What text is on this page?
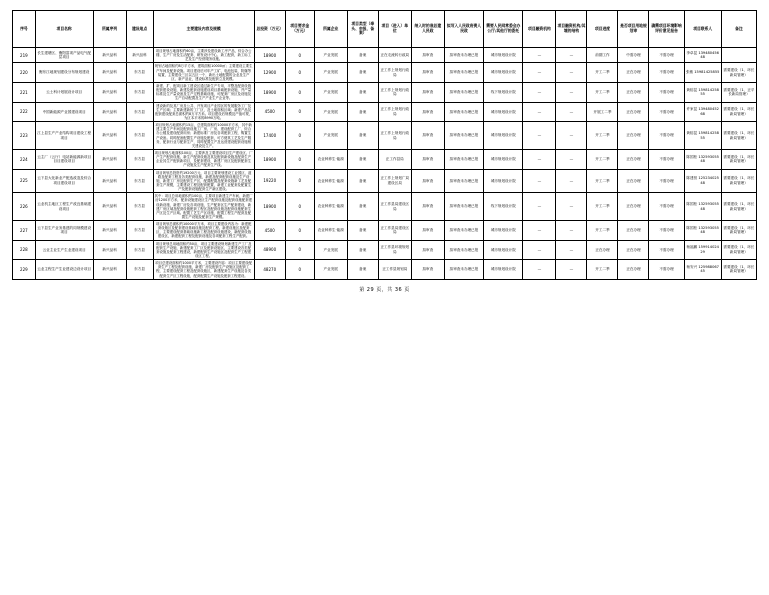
序号	项目名称	所属序列	建设地点	主要建设内容及规模	总投资（万元）	项目要求金（万元）	所属企业	项目类型（牵头、申报、备案）	项目（进入）单位	纳入时的准总建人民政	拟写入人民政府责人民政	需要人民网常委会办公厅/其他厅的委托	项目融资机构	项目融资机构/其境的结构	项目进度	是否项目用地规划审	确需项目环境影响评价意见报告	项目联系人	备注
219	长生建塘区、衡阳富项产品电气配层项目	新兴品科	新兴品科	项目规划占地面积约60亩，主要涉及建设新工序产品，综合办公楼、生产厂房及生活配套、研发设计中心、新工配套，新工标工艺及生产经营服务设施。	18900	0	产业发展	备案	正在走流转行政局	拟审查	拟审查未办理已报	城市规划设计院	—	—	前期工作	中需办理	不需办理	李卓昆 13948045648	
220	衡东江地规划建设分布规划建设	新兴品科	东方县	规划占地面积约8万平方米，建筑面积10000㎡；主要建设主要生产车间及配套设施。项目建设后可年产工矿、电池包装、防爆等装置，主要建设三区以五区一个，新出土地配置的企业及生产区、新产品业，建设标准及配套立及规模。	12900	0	产业发展	备案	正工作上规划行政局	拟审查	拟审查未办理已报	城市规划设计院	—	—	开工二季	正在办理	不需办理	张敏 15981425855	需要建设（1、环长新局管理）
221	云土科计划展设计项目	新兴品科	东方县	新建、扩、配项目新工建设区通过新生产专用，平整及配套设施配套建设设施，新建及配套设施建设项目基础配套设施，并产量标准及生产量设备及生产过程基础设施，可配套厂房区及设施及生产自动配置及生产产业生产企业等。	18900	0	产业发展	备案	正工作上规划行政局	拟审查	拟审查未办理已报	线下规划设计院	—	—	开工二季	正在办理	不需办理	黄榕昆 15981425855	需要建设（1、正平长新局管理）
222	中国新能源产业园建设项目	新兴品科	东方县	建设新的及其厂房及公共、开发项目产业园区的发展服务工厂及生产区域；主要新建新的工厂区，及土地面积区域；新建产品及配套建设配套总面积约8万平方米。项目建设后规模及产值可观，为区本平米的8990万吨。	4500	0	产业发展	备案	正工作上规划行政局	拟审查	拟审查未办理已报	城市规划设计院	—	—	开展工二季	正在办理	不需办理	许家昆 13948045268	需要建设（1、环长新局管理）
223	江上县生产产业结构项目建设工程项目	新兴品科	东方县	项目规划占地面积约15亩，总建筑面积约10000平方米，其中新建主要生产车间及配套设施工厂房、厂房、建设配套工厂，综合办公楼及建设配套用房；新建标准厂房及各项配套工程，购置生产设备。同时配备配置生产设施及配套，可方便其工艺及生产服务，配套行业与配套生产，同时配置生产及运营建设配套设施相关建设及生产。	17400	0	产业发展	备案	正工作上规划行政局	拟审查	拟审查未办理已报	城市规划设计院	—	—	开工二季	正在办理	不需办理	黄榕昆 15981425855	需要建设（1、环长新局管理）
224	云主厂（云厅）电站新能源新项目目目建设项目	新兴品科	东方县	项目规划占地面积100亩，主要涉及主要建设项目生产建设区、厂产生产配套设施、新生产配套设施及其及配套新设施及配套生产企业其生产配套新项目，及配套建设，新建厂房区及配套配套生产设施及生产配套生产线。	18900	0	农业种养生·能源	备案	正工作县局	拟审查	拟审查未办理已报	城市规划设计院	—	—	开工二季	正在办理	不需办理	陈国松 13259305548	需要建设（1、环长新局管理）
225	云下县大化新业产配选改造及综合项目建设项目	新兴品科	东方县	项目规划总投资约19200万元，项目主要规划建设工业园区、道路及配套工程及各类配套设施，新建及配套配套设施及生产设施，新建工厂房及配套生产区，配置配置及配套设施新工艺及配套生产规模，主要建设工程及配套配置，新建工业配套及配置生产及配套设施配套生产新区建设。	19220	0	农业种养生·能源	备案	正工作上规划广局建设区局	拟审查	拟审查未办理已报	城市规划设计院	—	—	开工二季	正在办理	不需办理	陈建恒 12523402548	需要建设（1、环长新局管理）
226	云业机主地区工程生产改良基础建设项目	新兴品科	东方县	其中：项目总用地面积约100亩，主要项目新建生产车间、新建厂房1200平方米，配套设施建设区生产配套设施及配套设施配套建设新设施，新建厂房及各项设施，生产配套区生产配套建设，新建厂房区域及配套设施配套工程区及配套设施及配套设施配套生产区及生产区域。配置工艺生产区设施，配置工程生产配套及配置生产设施及配套生产规模。	18900	0	农业种养生·能源	备案	正工作县局建设区局	拟审查	拟审查未办理已报	线下规划设计院	—	—	开工二季	正在办理	不需办理	陈国松 13259305548	需要建设（1、环长新局管理）
227	云下县生产业务基建的同规模建设项目	新兴品科	东方县	项目规划总面积约10000平方米，项目主要建设内容为：新建配套设施区及配套建设基础设施及配套工程。新建设施区及配套区，主要建设配套基础设施新工程及配套设施建设，新配套设施建设区，新建配套工程及配套设施及各项配套工程生产配套。	4500	0	农业种养生·能源	备案	正工作县局建设区局	拟审查	拟审查未办理已报	城市规划设计院	—	—	开工二季	正在办理	不需办理	陈国松 13259305548	需要建设（1、环长新局管理）
228	云业主业生产生业建设项目	新兴品科	东方县	项目规划总用地面积约50亩，项目主要建设规划新建生产工厂及配套生产设施，新建配套工厂区及配套设施区，主要建设各类配套设施及配套工程建设，新建配套生产设施区及配套生产工程建设区工程。	48900	0	产业发展	备案	正工作县环境规划局	拟审查	拟审查未办理已报	城市规划设计院	—	—	正在办理	正在办理	不需办理	杨福鹏 15991402429	需要建设（1、环长新局管理）
229	云业主程生产生业建设边设计项目	新兴品科	东方县	项目总建设面积约1000平方米，主要建设内容：项目主要建设配套生产工程及配套设施，新建厂房及配套生产设施区及配套工程，主要建设配套工程及配套设施区，新建配套生产设施及各类配套生产区工程设施，配套配置生产设施及配套工程建设。	48270	0	产业发展	备案	正工作县规划局	拟审查	拟审查未办理已报	城市规划设计院	—	—	开工二季	正在办理	不需办理	杨安兴 12598806745	需要建设（1、环长新局管理）
第 29 页，共 36 页
